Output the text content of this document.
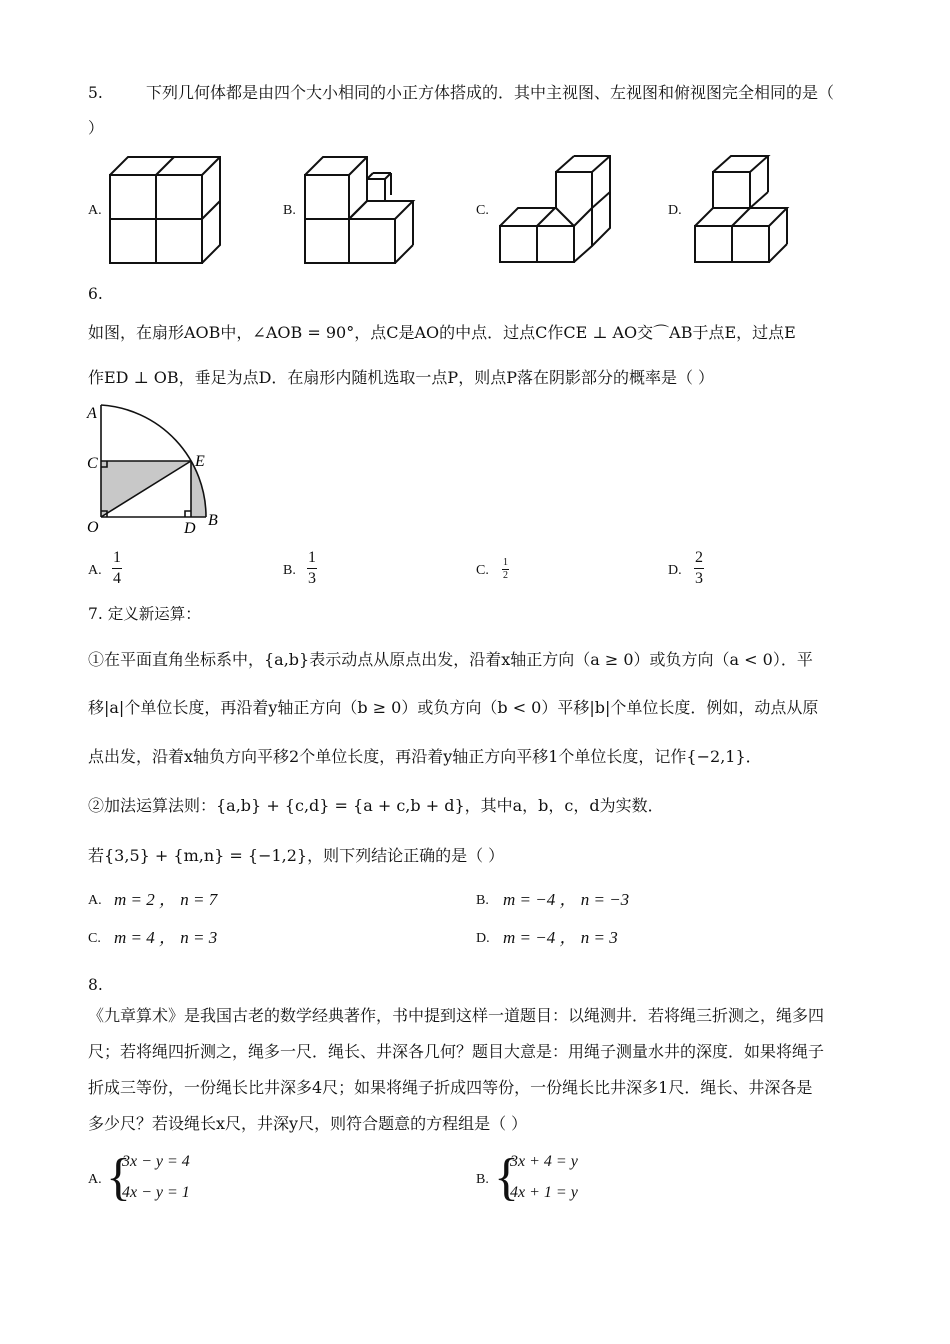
5.	下列几何体都是由四个大小相同的小正方体搭成的．其中主视图、左视图和俯视图完全相同的是（
）
A.	B.	C.	D.
6.
如图，在扇形AOB中，∠AOB = 90°，点C是AO的中点．过点C作CE ⊥ AO交⌒AB于点E，过点E
作ED ⊥ OB，垂足为点D．在扇形内随机选取一点P，则点P落在阴影部分的概率是（ ）
A
C	E
O	D B
A. $\frac{1}{4}$	B. $\frac{1}{3}$	C. $\frac{1}{2}$	D. $\frac{2}{3}$
7. 定义新运算：
①在平面直角坐标系中，{a,b}表示动点从原点出发，沿着x轴正方向（a ≥ 0）或负方向（a < 0）．平
移|a|个单位长度，再沿着y轴正方向（b ≥ 0）或负方向（b < 0）平移|b|个单位长度．例如，动点从原
点出发，沿着x轴负方向平移2个单位长度，再沿着y轴正方向平移1个单位长度，记作{−2,1}．
②加法运算法则：{a,b} + {c,d} = {a + c,b + d}，其中a，b，c，d为实数．
若{3,5} + {m,n} = {−1,2}，则下列结论正确的是（ ）
A. m = 2 ， n = 7	B. m = −4 ， n = −3
C. m = 4 ， n = 3	D. m = −4 ， n = 3
8.
《九章算术》是我国古老的数学经典著作，书中提到这样一道题目：以绳测井．若将绳三折测之，绳多四
尺；若将绳四折测之，绳多一尺．绳长、井深各几何？题目大意是：用绳子测量水井的深度．如果将绳子
折成三等份，一份绳长比井深多4尺；如果将绳子折成四等份，一份绳长比井深多1尺．绳长、井深各是
多少尺？若设绳长x尺，井深y尺，则符合题意的方程组是（ ）
A. {
3x − y = 4
4x − y = 1
B. {
3x + 4 = y
4x + 1 = y
